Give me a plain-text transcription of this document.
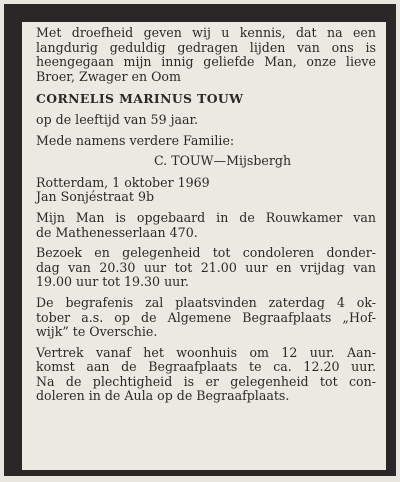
Met droefheid geven wij u kennis, dat na een
langdurig geduldig gedragen lijden van ons is
heengegaan mijn innig geliefde Man, onze lieve
Broer, Zwager en Oom
CORNELIS MARINUS TOUW
op de leeftijd van 59 jaar.
Mede namens verdere Familie:
C. TOUW—Mijsbergh
Rotterdam, 1 oktober 1969
Jan Sonjéstraat 9b
Mijn Man is opgebaard in de Rouwkamer van
de Mathenesserlaan 470.
Bezoek en gelegenheid tot condoleren donder-
dag van 20.30 uur tot 21.00 uur en vrijdag van
19.00 uur tot 19.30 uur.
De begrafenis zal plaatsvinden zaterdag 4 ok-
tober a.s. op de Algemene Begraafplaats „Hof-
wijk” te Overschie.
Vertrek vanaf het woonhuis om 12 uur. Aan-
komst aan de Begraafplaats te ca. 12.20 uur.
Na de plechtigheid is er gelegenheid tot con-
doleren in de Aula op de Begraafplaats.
